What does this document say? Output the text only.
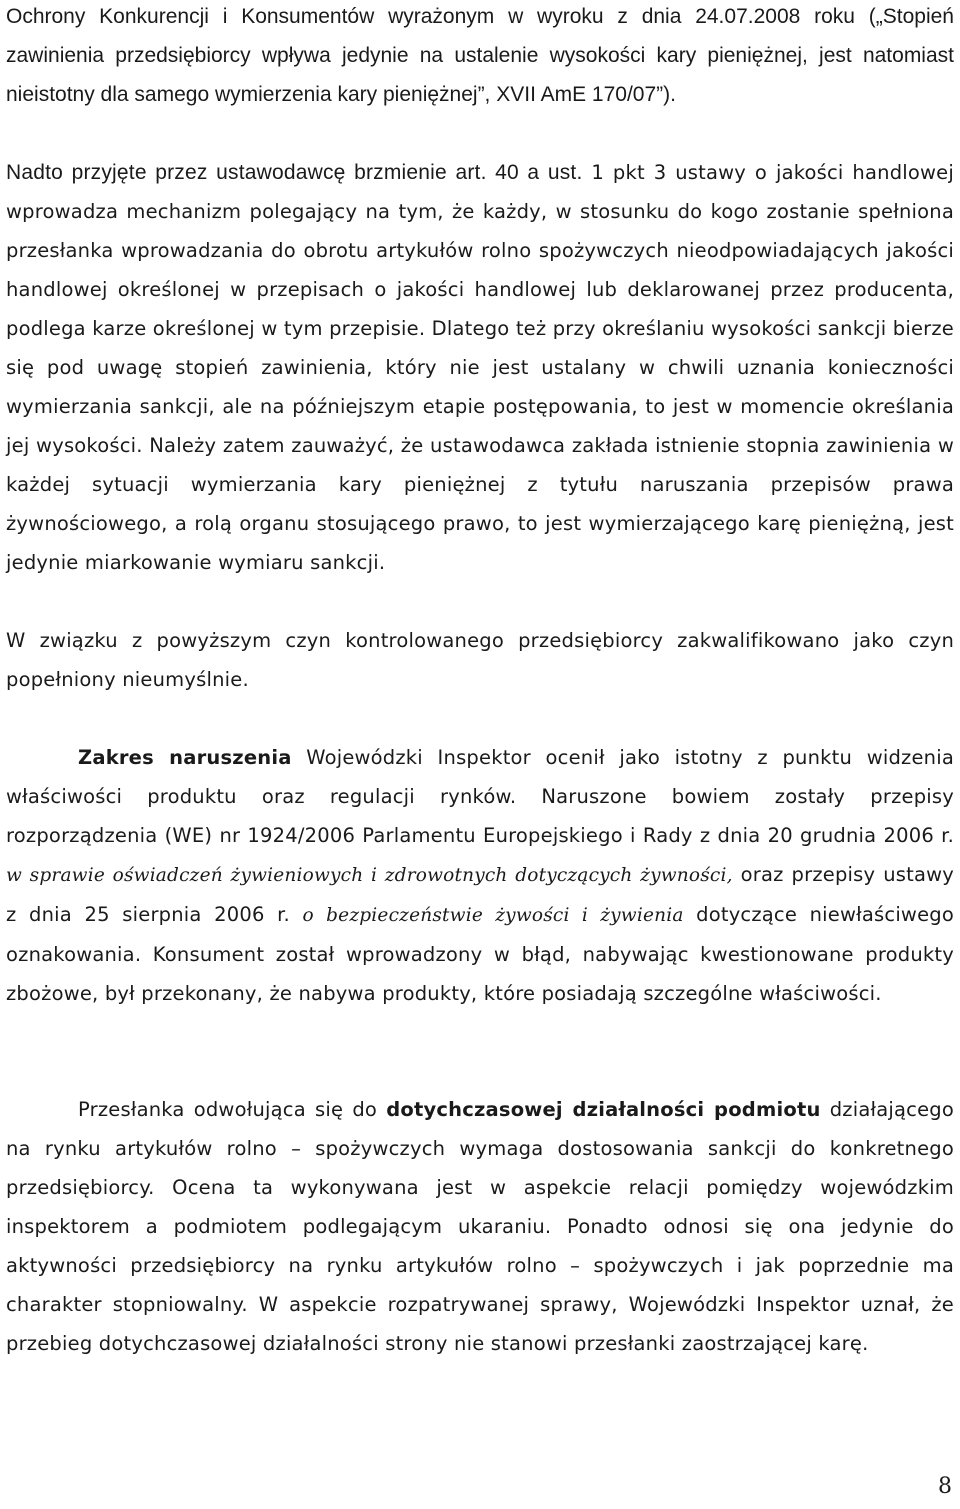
Ochrony Konkurencji i Konsumentów wyrażonym w wyroku z dnia 24.07.2008 roku („Stopień zawinienia przedsiębiorcy wpływa jedynie na ustalenie wysokości kary pieniężnej, jest natomiast nieistotny dla samego wymierzenia kary pieniężnej”, XVII AmE 170/07”).

Nadto przyjęte przez ustawodawcę brzmienie art. 40 a ust. 1 pkt 3 ustawy o jakości handlowej wprowadza mechanizm polegający na tym, że każdy, w stosunku do kogo zostanie spełniona przesłanka wprowadzania do obrotu artykułów rolno spożywczych nieodpowiadających jakości handlowej określonej w przepisach o jakości handlowej lub deklarowanej przez producenta, podlega karze określonej w tym przepisie. Dlatego też przy określaniu wysokości sankcji bierze się pod uwagę stopień zawinienia, który nie jest ustalany w chwili uznania konieczności wymierzania sankcji, ale na późniejszym etapie postępowania, to jest w momencie określania jej wysokości. Należy zatem zauważyć, że ustawodawca zakłada istnienie stopnia zawinienia w każdej sytuacji wymierzania kary pieniężnej z tytułu naruszania przepisów prawa żywnościowego, a rolą organu stosującego prawo, to jest wymierzającego karę pieniężną, jest jedynie miarkowanie wymiaru sankcji.

W związku z powyższym czyn kontrolowanego przedsiębiorcy zakwalifikowano jako czyn popełniony nieumyślnie.

Zakres naruszenia Wojewódzki Inspektor ocenił jako istotny z punktu widzenia właściwości produktu oraz regulacji rynków. Naruszone bowiem zostały przepisy rozporządzenia (WE) nr 1924/2006 Parlamentu Europejskiego i Rady z dnia 20 grudnia 2006 r. w sprawie oświadczeń żywieniowych i zdrowotnych dotyczących żywności, oraz przepisy ustawy z dnia 25 sierpnia 2006 r. o bezpieczeństwie żywości i żywienia dotyczące niewłaściwego oznakowania. Konsument został wprowadzony w błąd, nabywając kwestionowane produkty zbożowe, był przekonany, że nabywa produkty, które posiadają szczególne właściwości.

Przesłanka odwołująca się do dotychczasowej działalności podmiotu działającego na rynku artykułów rolno – spożywczych wymaga dostosowania sankcji do konkretnego przedsiębiorcy. Ocena ta wykonywana jest w aspekcie relacji pomiędzy wojewódzkim inspektorem a podmiotem podlegającym ukaraniu. Ponadto odnosi się ona jedynie do aktywności przedsiębiorcy na rynku artykułów rolno – spożywczych i jak poprzednie ma charakter stopniowalny. W aspekcie rozpatrywanej sprawy, Wojewódzki Inspektor uznał, że przebieg dotychczasowej działalności strony nie stanowi przesłanki zaostrzającej karę.

8
